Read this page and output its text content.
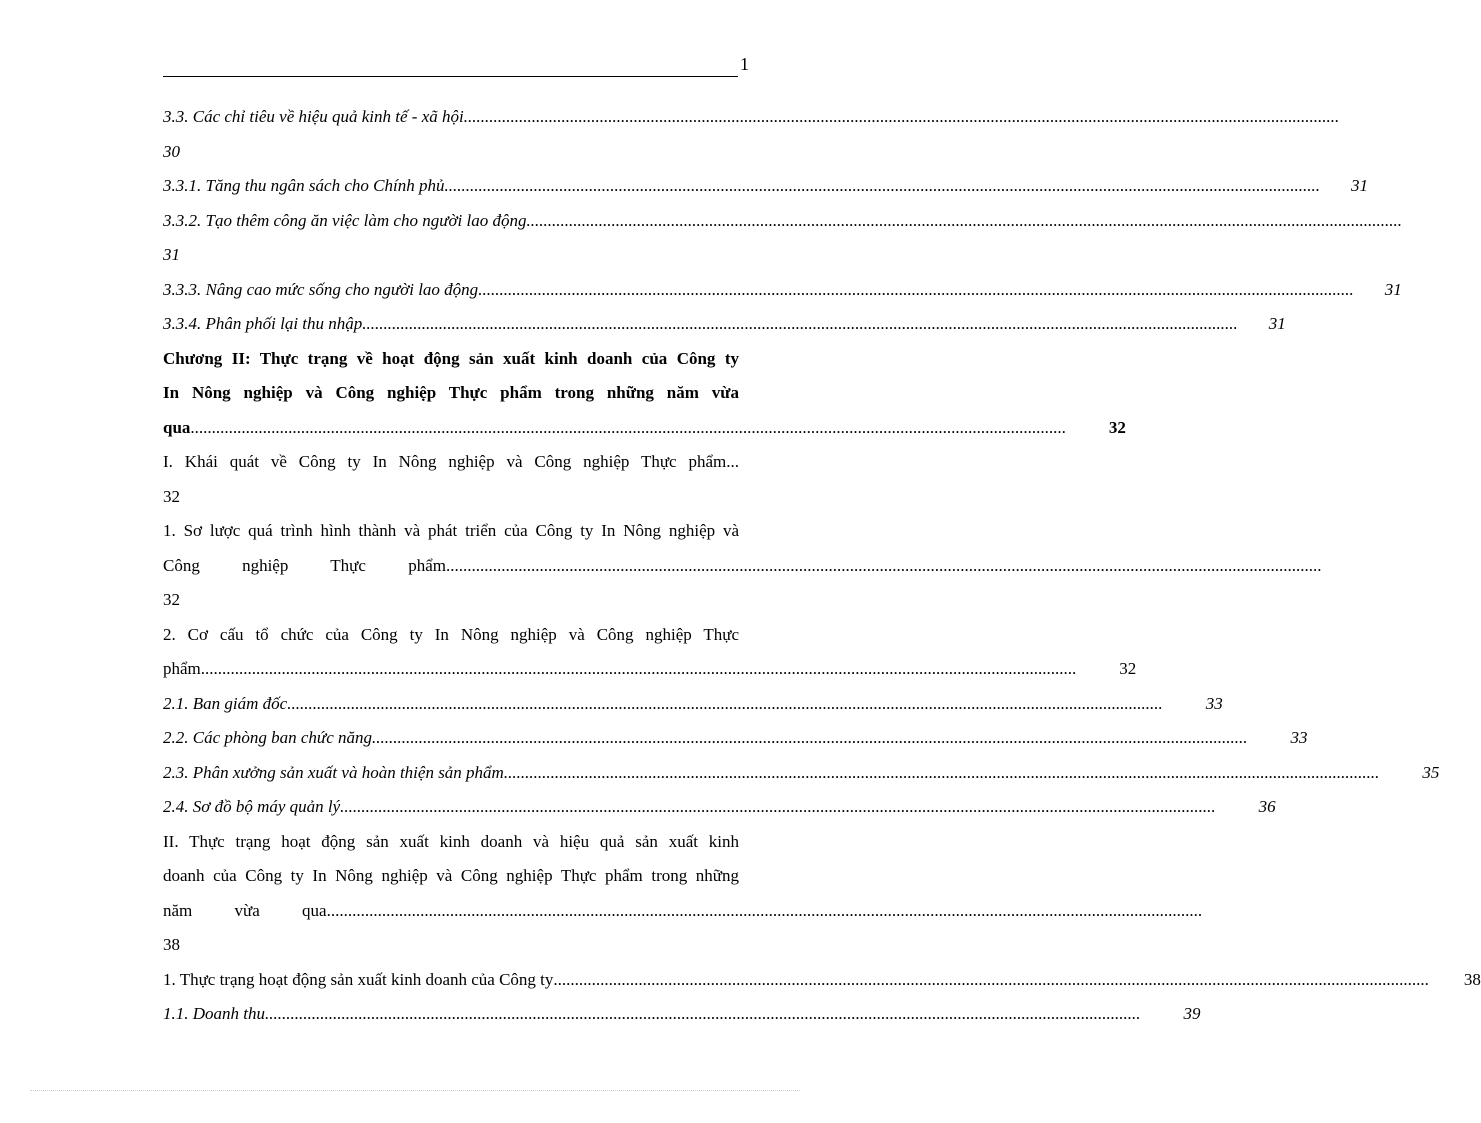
1
3.3. Các chỉ tiêu về hiệu quả kinh tế - xã hội ..............................................................................................................................................................................................................
30
3.3.1. Tăng thu ngân sách cho Chính phủ ..............................................................................................................................................................................................................	31
3.3.2. Tạo thêm công ăn việc làm cho người lao động ..............................................................................................................................................................................................................
31
3.3.3. Nâng cao mức sống cho người lao động ..............................................................................................................................................................................................................	31
3.3.4. Phân phối lại thu nhập ..............................................................................................................................................................................................................	31
Chương II: Thực trạng về hoạt động sản xuất kinh doanh của Công ty
In Nông nghiệp và Công nghiệp Thực phẩm trong những năm vừa
qua ..............................................................................................................................................................................................................	32
I. Khái quát về Công ty In Nông nghiệp và Công nghiệp Thực phẩm...
32
1. Sơ lược quá trình hình thành và phát triển của Công ty In Nông nghiệp và
Công nghiệp Thực phẩm ..............................................................................................................................................................................................................
32
2. Cơ cấu tổ chức của Công ty In Nông nghiệp và Công nghiệp Thực
phẩm ..............................................................................................................................................................................................................	32
2.1. Ban giám đốc ..............................................................................................................................................................................................................	33
2.2. Các phòng ban chức năng ..............................................................................................................................................................................................................	33
2.3. Phân xưởng sản xuất và hoàn thiện sản phẩm ..............................................................................................................................................................................................................	35
2.4. Sơ đồ bộ máy quản lý ..............................................................................................................................................................................................................	36
II. Thực trạng hoạt động sản xuất kinh doanh và hiệu quả sản xuất kinh
doanh của Công ty In Nông nghiệp và Công nghiệp Thực phẩm trong những
năm vừa qua ..............................................................................................................................................................................................................
38
1. Thực trạng hoạt động sản xuất kinh doanh của Công ty ..............................................................................................................................................................................................................	38
1.1. Doanh thu ..............................................................................................................................................................................................................	39
